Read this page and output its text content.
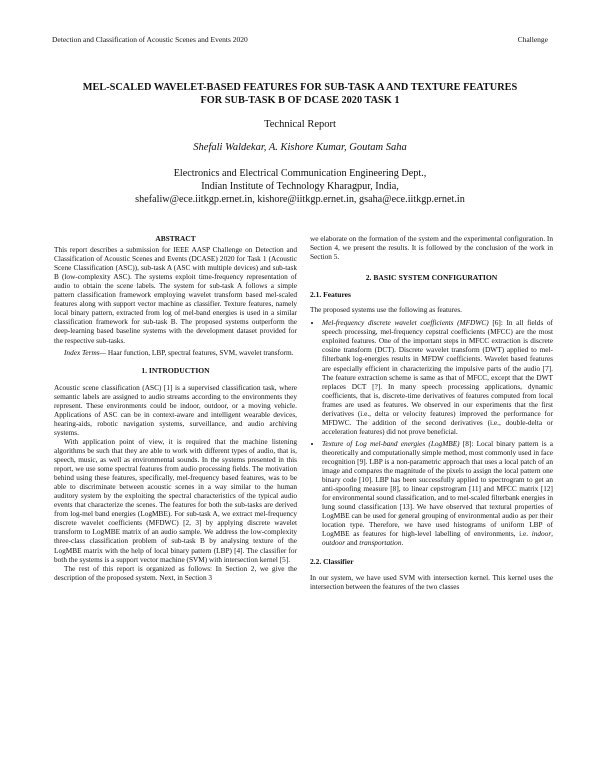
Detection and Classification of Acoustic Scenes and Events 2020	Challenge
MEL-SCALED WAVELET-BASED FEATURES FOR SUB-TASK A AND TEXTURE FEATURES
FOR SUB-TASK B OF DCASE 2020 TASK 1
Technical Report
Shefali Waldekar, A. Kishore Kumar, Goutam Saha
Electronics and Electrical Communication Engineering Dept.,
Indian Institute of Technology Kharagpur, India,
shefaliw@ece.iitkgp.ernet.in, kishore@iitkgp.ernet.in, gsaha@ece.iitkgp.ernet.in
ABSTRACT

This report describes a submission for IEEE AASP Challenge on Detection and Classification of Acoustic Scenes and Events (DCASE) 2020 for Task 1 (Acoustic Scene Classification (ASC)), sub-task A (ASC with multiple devices) and sub-task B (low-complexity ASC). The systems exploit time-frequency representation of audio to obtain the scene labels. The system for sub-task A follows a simple pattern classification framework employing wavelet transform based mel-scaled features along with support vector machine as classifier. Texture features, namely local binary pattern, extracted from log of mel-band energies is used in a similar classification framework for sub-task B. The proposed systems outperform the deep-learning based baseline systems with the development dataset provided for the respective sub-tasks.

Index Terms— Haar function, LBP, spectral features, SVM, wavelet transform.

1. INTRODUCTION

Acoustic scene classification (ASC) [1] is a supervised classification task, where semantic labels are assigned to audio streams according to the environments they represent. These environments could be indoor, outdoor, or a moving vehicle. Applications of ASC can be in context-aware and intelligent wearable devices, hearing-aids, robotic navigation systems, surveillance, and audio archiving systems.

With application point of view, it is required that the machine listening algorithms be such that they are able to work with different types of audio, that is, speech, music, as well as environmental sounds. In the systems presented in this report, we use some spectral features from audio processing fields. The motivation behind using these features, specifically, mel-frequency based features, was to be able to discriminate between acoustic scenes in a way similar to the human auditory system by the exploiting the spectral characteristics of the typical audio events that characterize the scenes. The features for both the sub-tasks are derived from log-mel band energies (LogMBE). For sub-task A, we extract mel-frequency discrete wavelet coefficients (MFDWC) [2, 3] by applying discrete wavelet transform to LogMBE matrix of an audio sample. We address the low-complexity three-class classification problem of sub-task B by analysing texture of the LogMBE matrix with the help of local binary pattern (LBP) [4]. The classifier for both the systems is a support vector machine (SVM) with intersection kernel [5].

The rest of this report is organized as follows: In Section 2, we give the description of the proposed system. Next, in Section 3

we elaborate on the formation of the system and the experimental configuration. In Section 4, we present the results. It is followed by the conclusion of the work in Section 5.

2. BASIC SYSTEM CONFIGURATION
2.1. Features

The proposed systems use the following as features.

• Mel-frequency discrete wavelet coefficients (MFDWC) [6]: In all fields of speech processing, mel-frequency cepstral coefficients (MFCC) are the most exploited features. One of the important steps in MFCC extraction is discrete cosine transform (DCT). Discrete wavelet transform (DWT) applied to mel-filterbank log-energies results in MFDW coefficients. Wavelet based features are especially efficient in characterizing the impulsive parts of the audio [7]. The feature extraction scheme is same as that of MFCC, except that the DWT replaces DCT [?]. In many speech processing applications, dynamic coefficients, that is, discrete-time derivatives of features computed from local frames are used as features. We observed in our experiments that the first derivatives (i.e., delta or velocity features) improved the performance for MFDWC. The addition of the second derivatives (i.e., double-delta or acceleration features) did not prove beneficial.
• Texture of Log mel-band energies (LogMBE) [8]: Local binary pattern is a theoretically and computationally simple method, most commonly used in face recognition [9]. LBP is a non-parametric approach that uses a local patch of an image and compares the magnitude of the pixels to assign the local pattern one binary code [10]. LBP has been successfully applied to spectrogram to get an anti-spoofing measure [8], to linear cepstrogram [11] and MFCC matrix [12] for environmental sound classification, and to mel-scaled filterbank energies in lung sound classification [13]. We have observed that textural properties of LogMBE can be used for general grouping of environmental audio as per their location type. Therefore, we have used histograms of uniform LBP of LogMBE as features for high-level labelling of environments, i.e. indoor, outdoor and transportation.
2.2. Classifier

In our system, we have used SVM with intersection kernel. This kernel uses the intersection between the features of the two classes
